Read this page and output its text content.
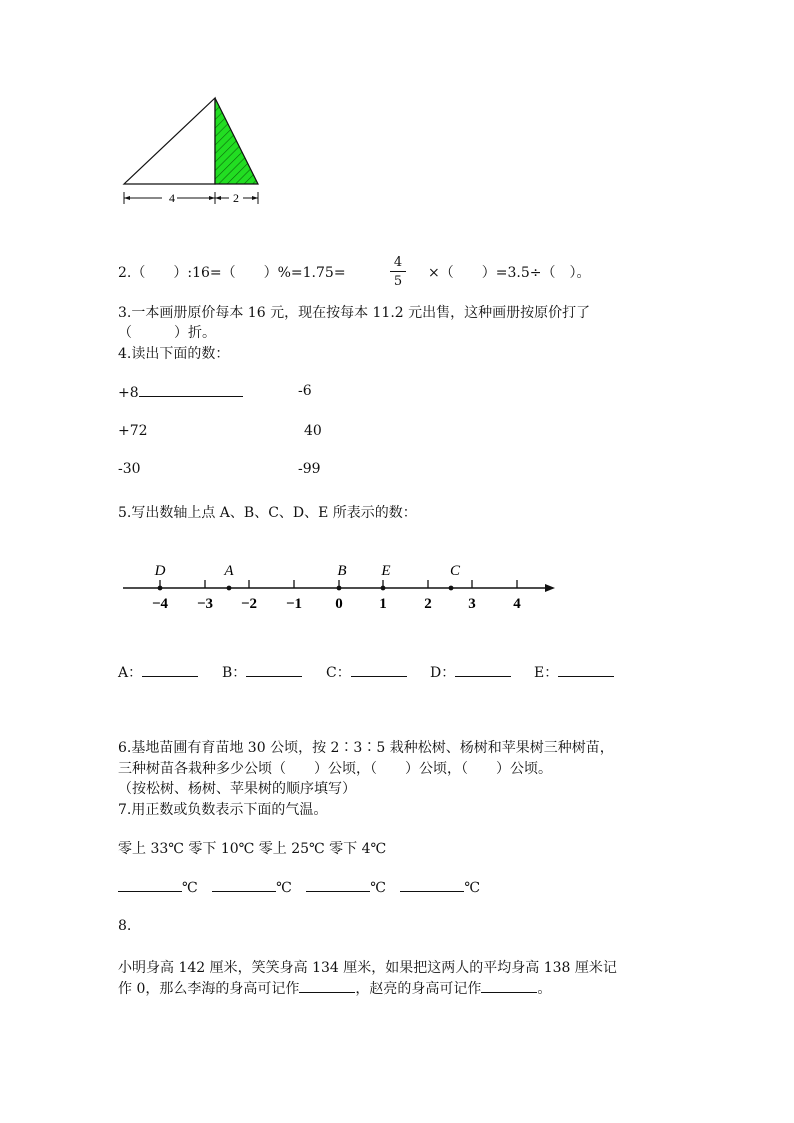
4	2
2.（　　）:16=（　　）%=1.75=	$\frac{4}{5}$ ×（　　）=3.5÷（　）。
3.一本画册原价每本 16 元，现在按每本 11.2 元出售，这种画册按原价打了
（　　　）折。
4.读出下面的数：
+8	-6
+72	40
-30	-99
5.写出数轴上点 A、B、C、D、E 所表示的数：
−4 −3 −2 −1 0 1	2 3	4
D	A	B E	C
A：	B：	C：	D：	E：
6.基地苗圃有育苗地 30 公顷，按 2∶3∶5 栽种松树、杨树和苹果树三种树苗，
三种树苗各栽种多少公顷（　　）公顷，（　　）公顷，（　　）公顷。
（按松树、杨树、苹果树的顺序填写）
7.用正数或负数表示下面的气温。
零上 33℃ 零下 10℃ 零上 25℃ 零下 4℃
℃	℃	℃	℃
8.
小明身高 142 厘米，笑笑身高 134 厘米，如果把这两人的平均身高 138 厘米记
作 0，那么李海的身高可记作	，赵亮的身高可记作	。
